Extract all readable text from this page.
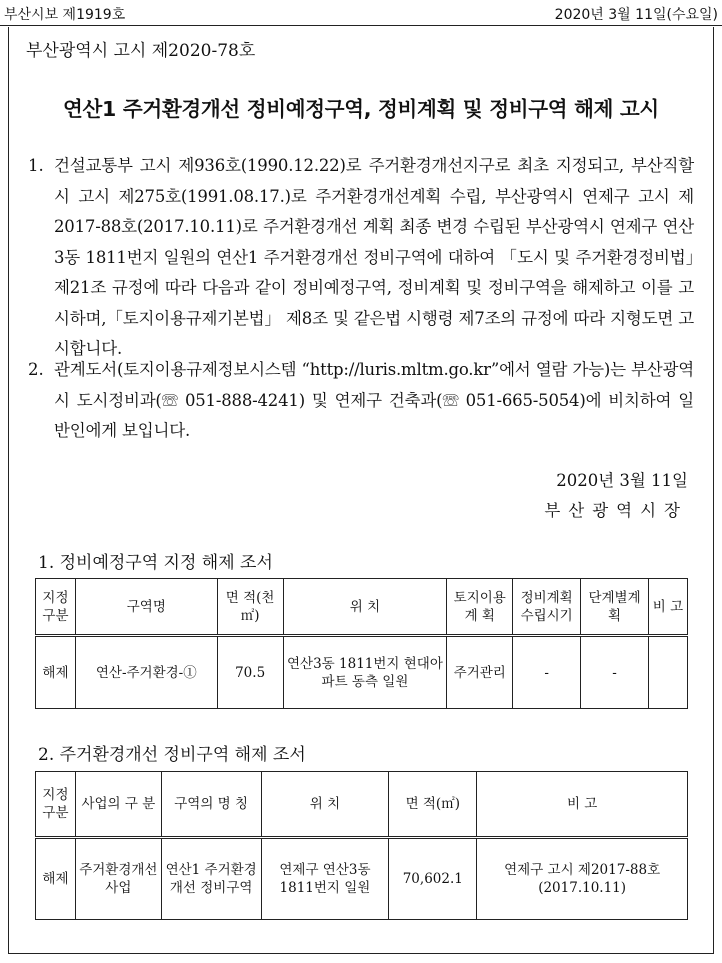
부산시보 제1919호	2020년 3월 11일(수요일)
부산광역시 고시 제2020-78호
연산1 주거환경개선 정비예정구역, 정비계획 및 정비구역 해제 고시
1. 건설교통부 고시 제936호(1990.12.22)로 주거환경개선지구로 최초 지정되고, 부산직할시 고시 제275호(1991.08.17.)로 주거환경개선계획 수립, 부산광역시 연제구 고시 제2017-88호(2017.10.11)로 주거환경개선 계획 최종 변경 수립된 부산광역시 연제구 연산3동 1811번지 일원의 연산1 주거환경개선 정비구역에 대하여 「도시 및 주거환경정비법」제21조 규정에 따라 다음과 같이 정비예정구역, 정비계획 및 정비구역을 해제하고 이를 고시하며,「토지이용규제기본법」 제8조 및 같은법 시행령 제7조의 규정에 따라 지형도면 고시합니다.
2. 관계도서(토지이용규제정보시스템 “http://luris.mltm.go.kr”에서 열람 가능)는 부산광역시 도시정비과(☏ 051-888-4241) 및 연제구 건축과(☏ 051-665-5054)에 비치하여 일반인에게 보입니다.
2020년 3월 11일
부산광역시장
1. 정비예정구역 지정 해제 조서
지정구분	구역명	면 적(천㎡)	위 치	토지이용계 획	정비계획수립시기	단계별계 획	비 고
해제	연산-주거환경-①	70.5	연산3동 1811번지 현대아파트 동측 일원	주거관리	-	-	
2. 주거환경개선 정비구역 해제 조서
지정구분	사업의 구 분	구역의 명 칭	위 치	면 적(㎡)	비 고
해제	주거환경개선사업	연산1 주거환경개선 정비구역	연제구 연산3동 1811번지 일원	70,602.1	연제구 고시 제2017-88호 (2017.10.11)
